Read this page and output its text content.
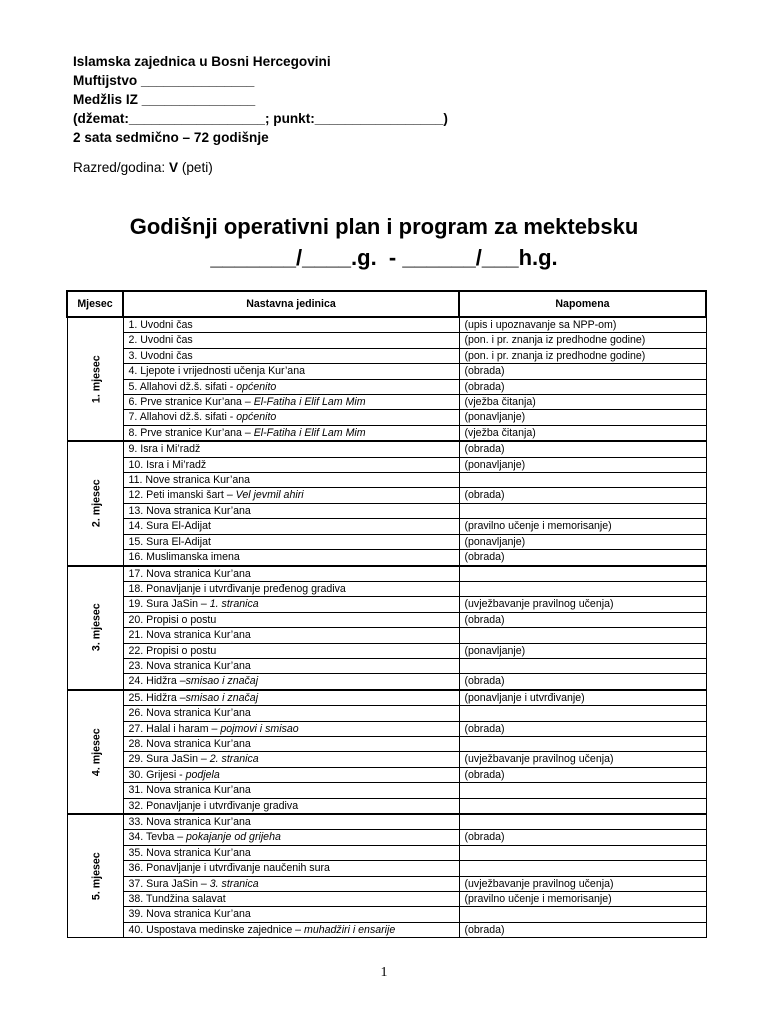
Islamska zajednica u Bosni Hercegovini
Muftijstvo _______________
Medžlis IZ _______________
(džemat:__________________; punkt:_________________)
2 sata sedmično – 72 godišnje
Razred/godina: V (peti)
Godišnji operativni plan i program za mektebsku
_______/____.g.  - ______/___h.g.
Mjesec	Nastavna jedinica	Napomena
1. mjesec	1. Uvodni čas	(upis i upoznavanje sa NPP-om)
	2. Uvodni čas	(pon. i pr. znanja iz predhodne godine)
	3. Uvodni čas	(pon. i pr. znanja iz predhodne godine)
	4. Ljepote i vrijednosti učenja Kur’ana	(obrada)
	5. Allahovi dž.š. sifati - općenito	(obrada)
	6. Prve stranice Kur’ana – El-Fatiha i Elif Lam Mim	(vježba čitanja)
	7. Allahovi dž.š. sifati - općenito	(ponavljanje)
	8. Prve stranice Kur’ana – El-Fatiha i Elif Lam Mim	(vježba čitanja)
2. mjesec	9. Isra i Mi’radž	(obrada)
	10. Isra i Mi’radž	(ponavljanje)
	11. Nove stranica Kur’ana	
	12. Peti imanski šart – Vel jevmil ahiri	(obrada)
	13. Nova stranica Kur’ana	
	14. Sura El-Adijat	(pravilno učenje i memorisanje)
	15. Sura El-Adijat	(ponavljanje)
	16. Muslimanska imena	(obrada)
3. mjesec	17. Nova stranica Kur’ana	
	18. Ponavljanje i utvrđivanje pređenog gradiva	
	19. Sura JaSin – 1. stranica	(uvježbavanje pravilnog učenja)
	20. Propisi o postu	(obrada)
	21. Nova stranica Kur’ana	
	22. Propisi o postu	(ponavljanje)
	23. Nova stranica Kur’ana	
	24. Hidžra –smisao i značaj	(obrada)
4. mjesec	25. Hidžra –smisao i značaj	(ponavljanje i utvrđivanje)
	26. Nova stranica Kur’ana	
	27. Halal i haram – pojmovi i smisao	(obrada)
	28. Nova stranica Kur’ana	
	29. Sura JaSin – 2. stranica	(uvježbavanje pravilnog učenja)
	30. Grijesi - podjela	(obrada)
	31. Nova stranica Kur’ana	
	32. Ponavljanje i utvrđivanje gradiva	
5. mjesec	33. Nova stranica Kur’ana	
	34. Tevba – pokajanje od grijeha	(obrada)
	35. Nova stranica Kur’ana	
	36. Ponavljanje i utvrđivanje naučenih sura	
	37. Sura JaSin – 3. stranica	(uvježbavanje pravilnog učenja)
	38. Tundžina salavat	(pravilno učenje i memorisanje)
	39. Nova stranica Kur’ana	
	40. Uspostava medinske zajednice – muhadžiri i ensarije	(obrada)
1
